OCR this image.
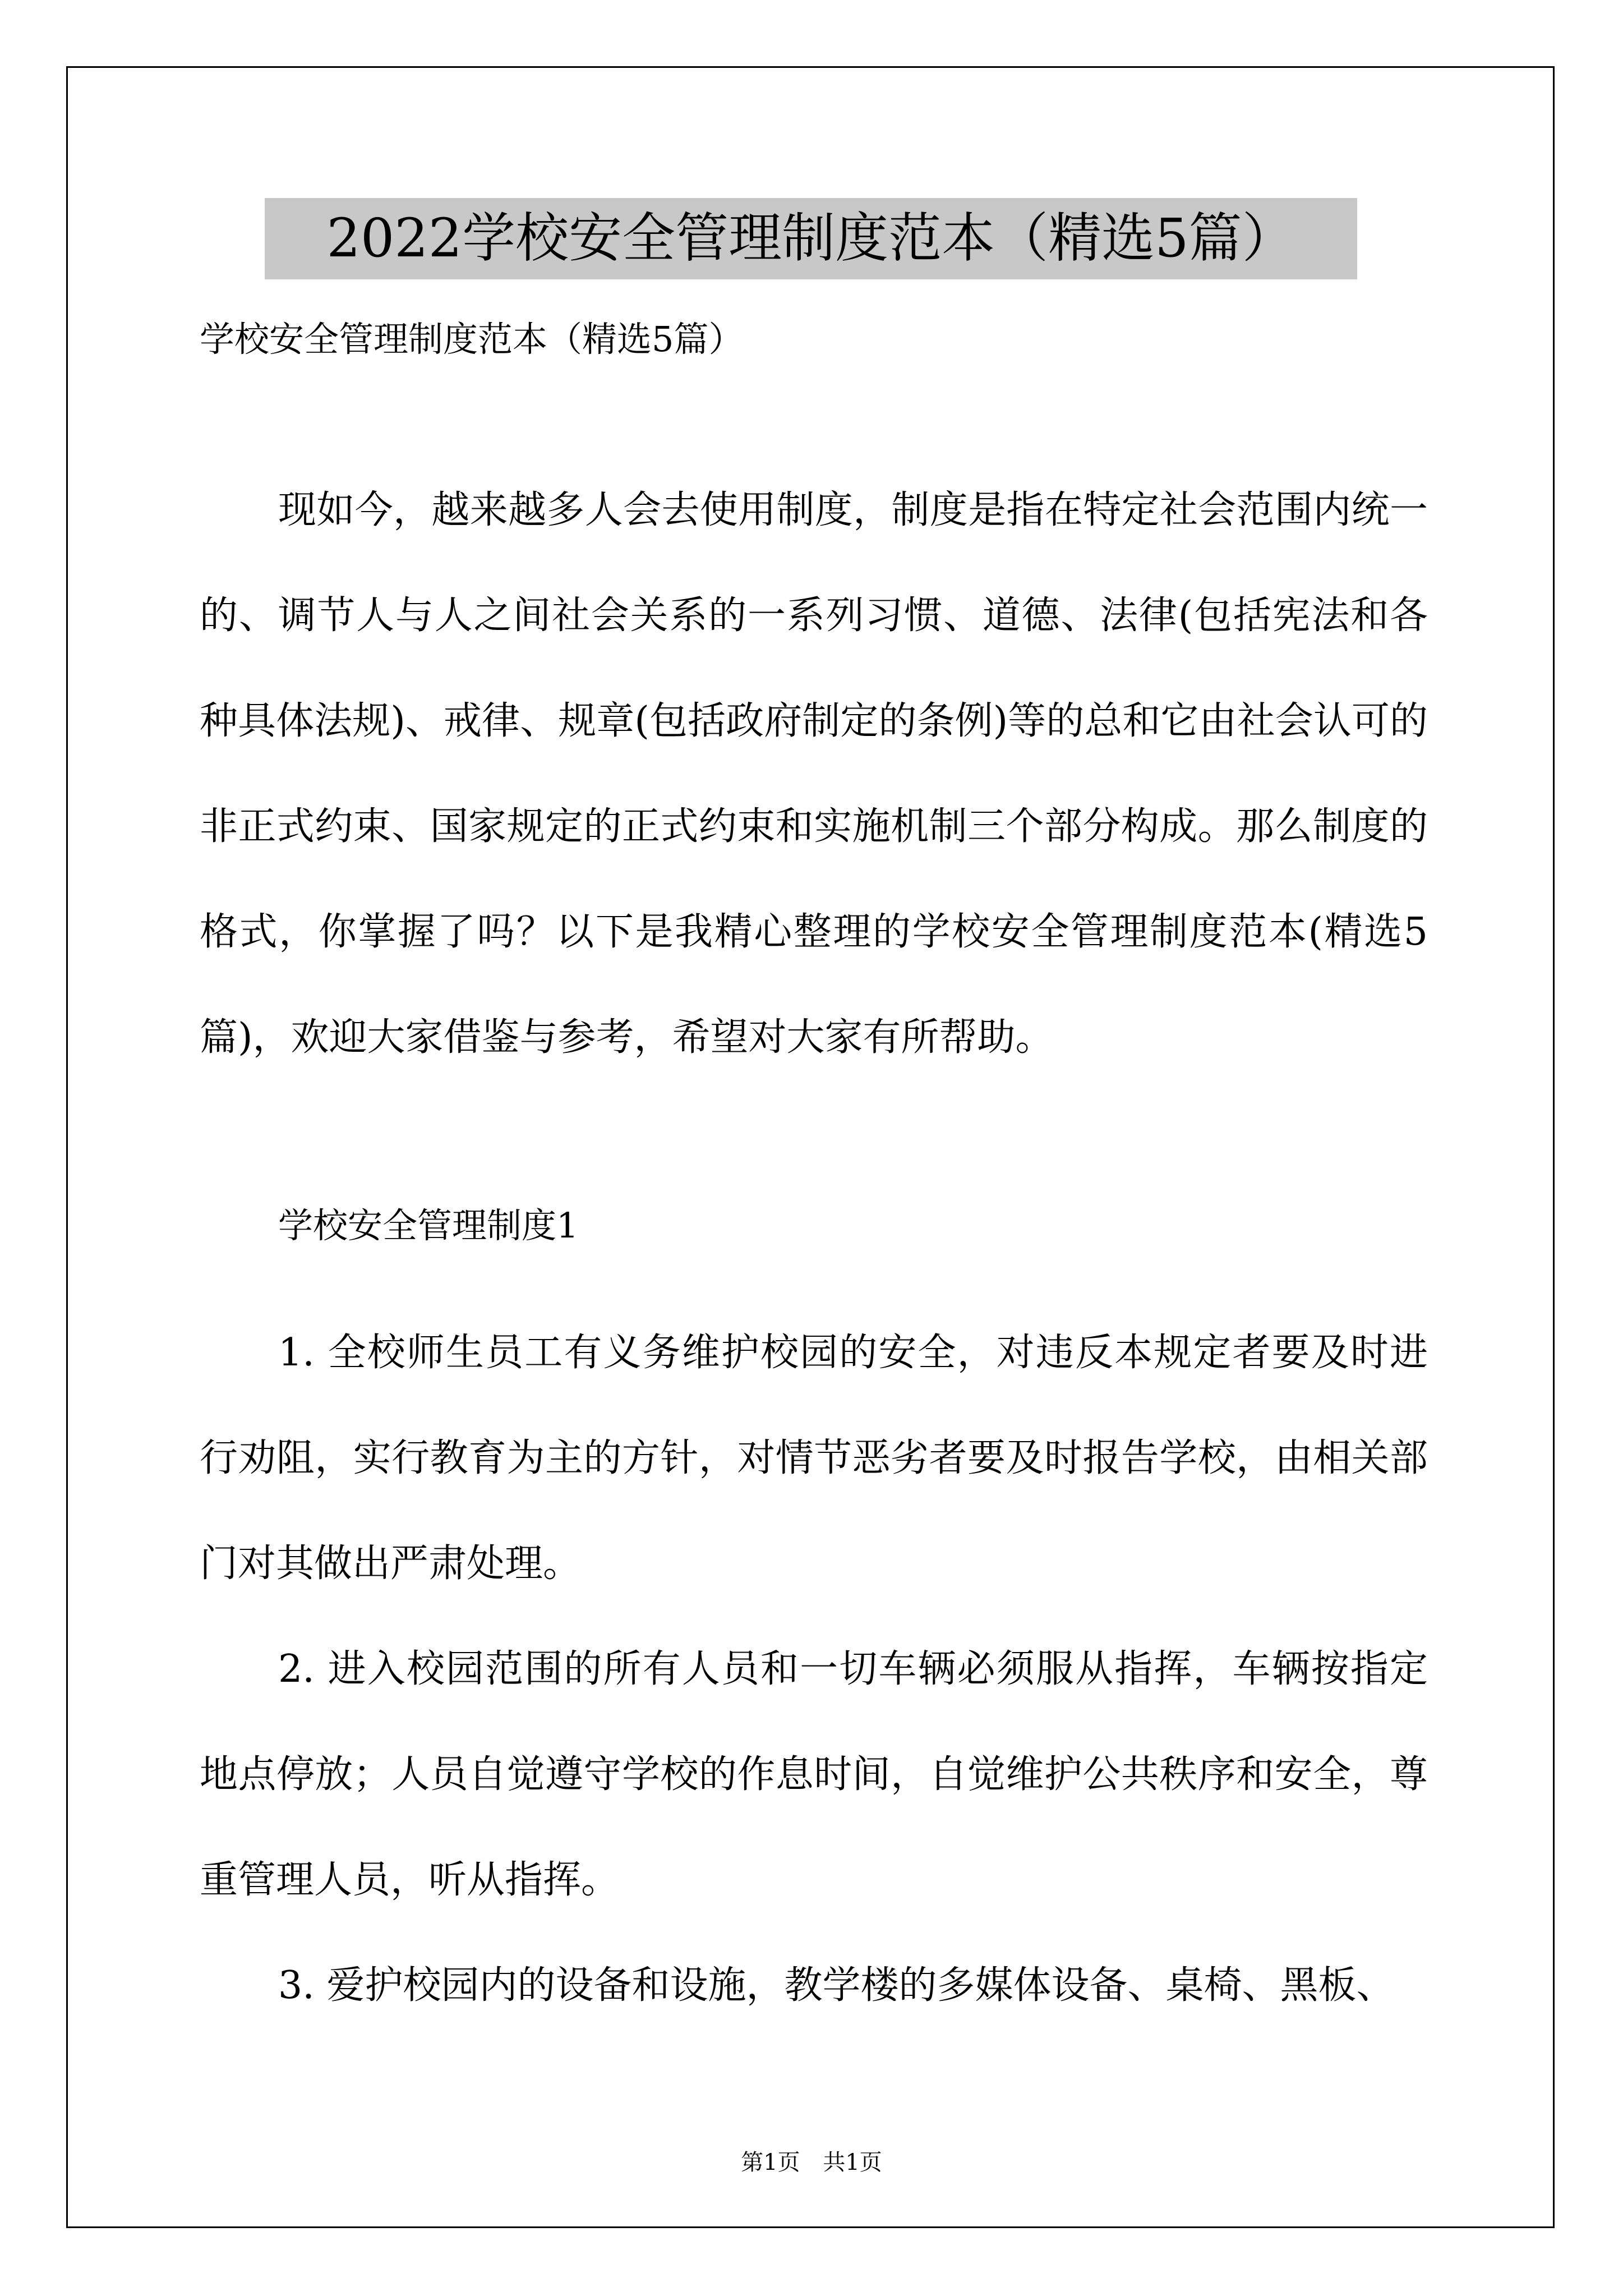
2022学校安全管理制度范本（精选5篇）
学校安全管理制度范本（精选5篇）

现如今，越来越多人会去使用制度，制度是指在特定社会范围内统一的、调节人与人之间社会关系的一系列习惯、道德、法律(包括宪法和各种具体法规)、戒律、规章(包括政府制定的条例)等的总和它由社会认可的非正式约束、国家规定的正式约束和实施机制三个部分构成。那么制度的格式，你掌握了吗？以下是我精心整理的学校安全管理制度范本(精选5篇)，欢迎大家借鉴与参考，希望对大家有所帮助。

学校安全管理制度1

1. 全校师生员工有义务维护校园的安全，对违反本规定者要及时进行劝阻，实行教育为主的方针，对情节恶劣者要及时报告学校，由相关部门对其做出严肃处理。

2. 进入校园范围的所有人员和一切车辆必须服从指挥，车辆按指定地点停放；人员自觉遵守学校的作息时间，自觉维护公共秩序和安全，尊重管理人员，听从指挥。

3. 爱护校园内的设备和设施，教学楼的多媒体设备、桌椅、黑板、

第1页 共1页
